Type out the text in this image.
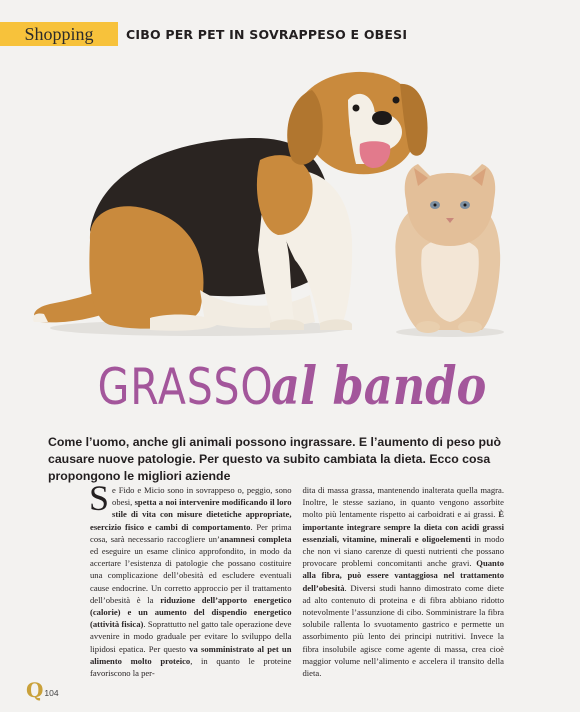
Shopping	CIBO PER PET IN SOVRAPPESO E OBESI
GRASSO al bando
Come l’uomo, anche gli animali possono ingrassare. E l’aumento di peso può causare nuove patologie. Per questo va subito cambiata la dieta. Ecco cosa propongono le migliori aziende
S e Fido e Micio sono in sovrappeso o, peggio, sono obesi, spetta a noi intervenire modificando il loro stile di vita con misure dietetiche appropriate, esercizio fisico e cambi di comportamento. Per prima cosa, sarà necessario raccogliere un’anamnesi completa ed eseguire un esame clinico approfondito, in modo da accertare l’esistenza di patologie che possano costituire una complicazione dell’obesità ed escludere eventuali cause endocrine. Un corretto approccio per il trattamento dell’obesità è la riduzione dell’apporto energetico (calorie) e un aumento del dispendio energetico (attività fisica). Soprattutto nel gatto tale operazione deve avvenire in modo graduale per evitare lo sviluppo della lipidosi epatica. Per questo va somministrato al pet un alimento molto proteico, in quanto le proteine favoriscono la per-

dita di massa grassa, mantenendo inalterata quella magra. Inoltre, le stesse saziano, in quanto vengono assorbite molto più lentamente rispetto ai carboidrati e ai grassi. È importante integrare sempre la dieta con acidi grassi essenziali, vitamine, minerali e oligoelementi in modo che non vi siano carenze di questi nutrienti che possano provocare problemi concomitanti anche gravi. Quanto alla fibra, può essere vantaggiosa nel trattamento dell’obesità. Diversi studi hanno dimostrato come diete ad alto contenuto di proteina e di fibra abbiano ridotto notevolmente l’assunzione di cibo. Somministrare la fibra solubile rallenta lo svuotamento gastrico e permette un assorbimento più lento dei principi nutritivi. Invece la fibra insolubile agisce come agente di massa, crea cioè maggior volume nell’alimento e accelera il transito della dieta.

Q 104
